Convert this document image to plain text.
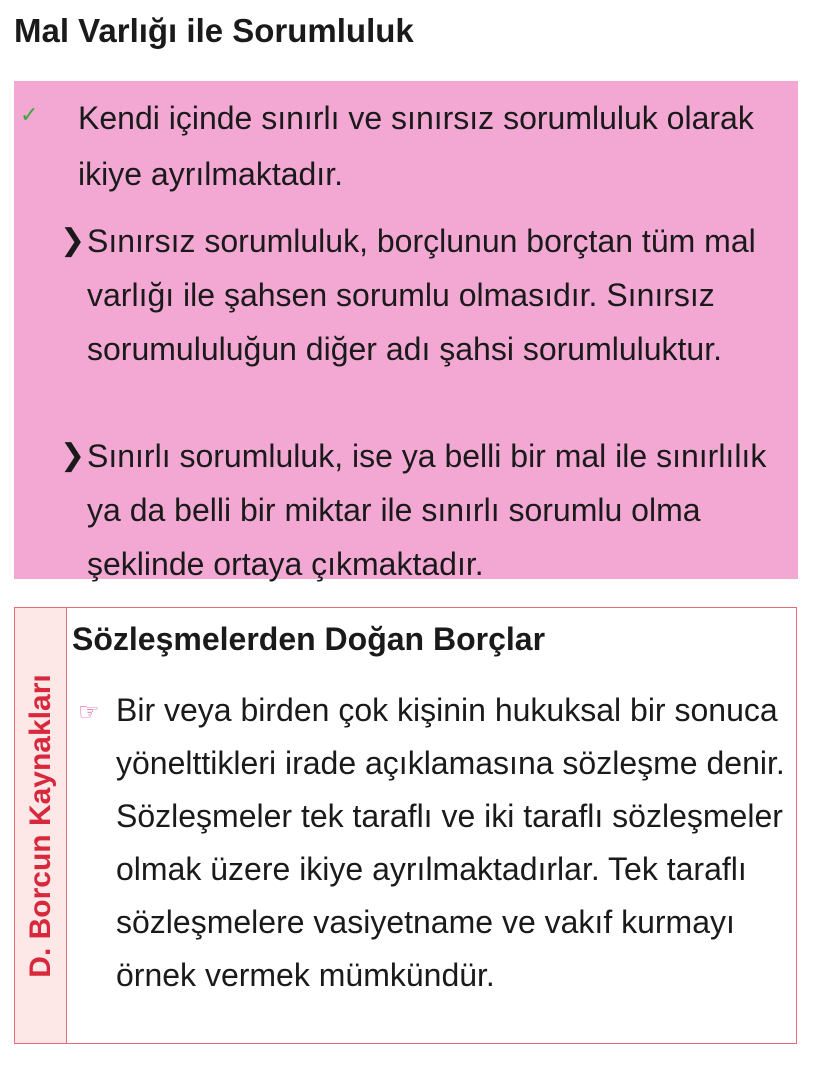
Mal Varlığı ile Sorumluluk
✓ Kendi içinde sınırlı ve sınırsız sorumluluk olarak ikiye ayrılmaktadır.

❯ Sınırsız sorumluluk, borçlunun borçtan tüm mal varlığı ile şahsen sorumlu olmasıdır. Sınırsız sorumululuğun diğer adı şahsi sorumluluktur.

❯ Sınırlı sorumluluk, ise ya belli bir mal ile sınırlılık ya da belli bir miktar ile sınırlı sorumlu olma şeklinde ortaya çıkmaktadır.

D. Borcun Kaynakları
Sözleşmelerden Doğan Borçlar
☞ Bir veya birden çok kişinin hukuksal bir sonuca yönelttikleri irade açıklamasına sözleşme denir. Sözleşmeler tek taraflı ve iki taraflı sözleşmeler olmak üzere ikiye ayrılmaktadırlar. Tek taraflı sözleşmelere vasiyetname ve vakıf kurmayı örnek vermek mümkündür.
